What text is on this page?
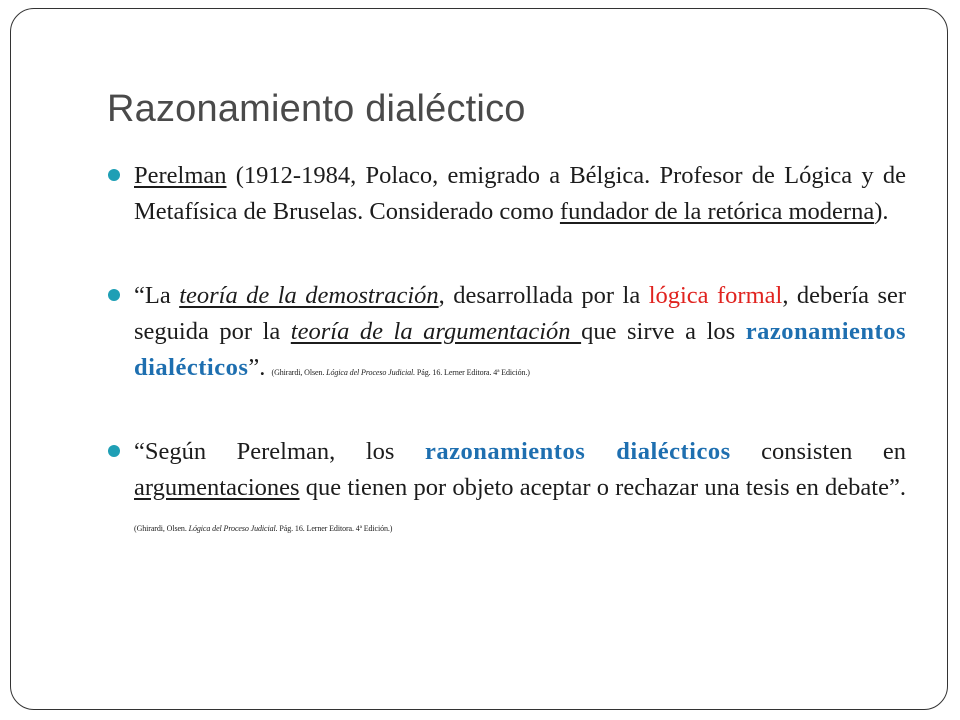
Razonamiento dialéctico

Perelman (1912-1984, Polaco, emigrado a Bélgica. Profesor de Lógica y de Metafísica de Bruselas. Considerado como fundador de la retórica moderna).

“La teoría de la demostración, desarrollada por la lógica formal, debería ser seguida por la teoría de la argumentación que sirve a los razonamientos dialécticos”. (Ghirardi, Olsen. Lógica del Proceso Judicial. Pág. 16. Lerner Editora. 4ª Edición.)

“Según Perelman, los razonamientos dialécticos consisten en argumentaciones que tienen por objeto aceptar o rechazar una tesis en debate”. (Ghirardi, Olsen. Lógica del Proceso Judicial. Pág. 16. Lerner Editora. 4ª Edición.)
